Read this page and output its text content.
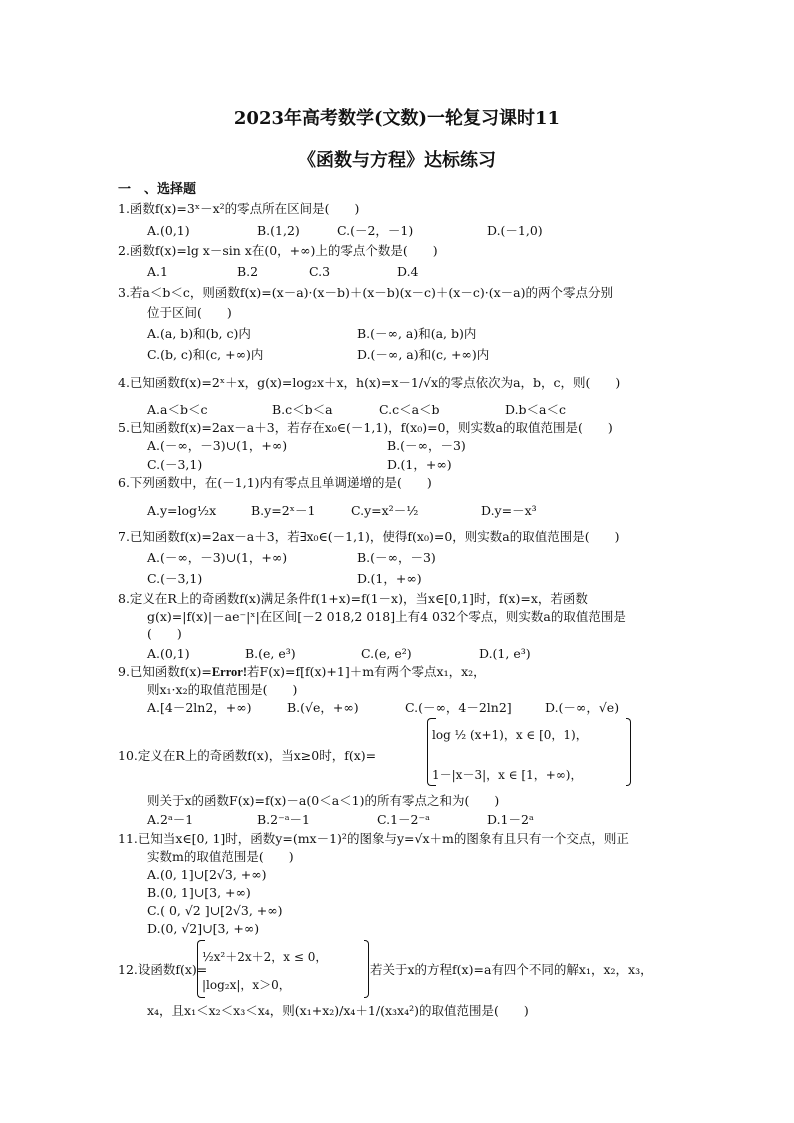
2023年高考数学(文数)一轮复习课时11
《函数与方程》达标练习
一　、选择题
1.函数f(x)=3ˣ－x²的零点所在区间是(　　)
A.(0,1)	B.(1,2)	C.(－2，－1)	D.(－1,0)
2.函数f(x)=lg x－sin x在(0，+∞)上的零点个数是(　　)
A.1	B.2	C.3	D.4
3.若a＜b＜c，则函数f(x)=(x－a)·(x－b)＋(x－b)(x－c)＋(x－c)·(x－a)的两个零点分别
位于区间(　　)
A.(a, b)和(b, c)内	B.(－∞, a)和(a, b)内
C.(b, c)和(c, +∞)内	D.(－∞, a)和(c, +∞)内
4.已知函数f(x)=2ˣ＋x，g(x)=log₂x＋x，h(x)=x－1/√x的零点依次为a，b，c，则(　　)
A.a＜b＜c	B.c＜b＜a	C.c＜a＜b	D.b＜a＜c
5.已知函数f(x)=2ax－a＋3，若存在x₀∈(－1,1)，f(x₀)=0，则实数a的取值范围是(　　)
A.(－∞，－3)∪(1，+∞)	B.(－∞，－3)
C.(－3,1)	D.(1，+∞)
6.下列函数中，在(－1,1)内有零点且单调递增的是(　　)
A.y=log½x	B.y=2ˣ－1	C.y=x²－½	D.y=－x³
7.已知函数f(x)=2ax－a＋3，若∃x₀∈(－1,1)，使得f(x₀)=0，则实数a的取值范围是(　　)
A.(－∞，－3)∪(1，+∞)	B.(－∞，－3)
C.(－3,1)	D.(1，+∞)
8.定义在R上的奇函数f(x)满足条件f(1+x)=f(1－x)，当x∈[0,1]时，f(x)=x，若函数
g(x)=|f(x)|－ae⁻|ˣ|在区间[－2 018,2 018]上有4 032个零点，则实数a的取值范围是
(　　)
A.(0,1)	B.(e, e³)	C.(e, e²)	D.(1, e³)
9.已知函数f(x)=Error!若F(x)=f[f(x)+1]＋m有两个零点x₁，x₂，
则x₁·x₂的取值范围是(　　)
A.[4－2ln2，+∞)	B.(√e，+∞)	C.(－∞，4－2ln2]	D.(－∞，√e)
10.定义在R上的奇函数f(x)，当x≥0时，f(x)=
log ½ (x+1)，x ∈ [0，1)，
1－|x－3|，x ∈ [1，+∞)，
则关于x的函数F(x)=f(x)－a(0＜a＜1)的所有零点之和为(　　)
A.2ᵃ－1	B.2⁻ᵃ－1	C.1－2⁻ᵃ	D.1－2ᵃ
11.已知当x∈[0, 1]时，函数y=(mx－1)²的图象与y=√x＋m的图象有且只有一个交点，则正
实数m的取值范围是(　　)
A.(0, 1]∪[2√3, +∞)
B.(0, 1]∪[3, +∞)
C.( 0, √2 ]∪[2√3, +∞)
D.(0, √2]∪[3, +∞)
12.设函数f(x)=
½x²＋2x＋2，x ≤ 0，
|log₂x|，x＞0，
若关于x的方程f(x)=a有四个不同的解x₁，x₂，x₃，
x₄，且x₁＜x₂＜x₃＜x₄，则(x₁+x₂)/x₄＋1/(x₃x₄²)的取值范围是(　　)
